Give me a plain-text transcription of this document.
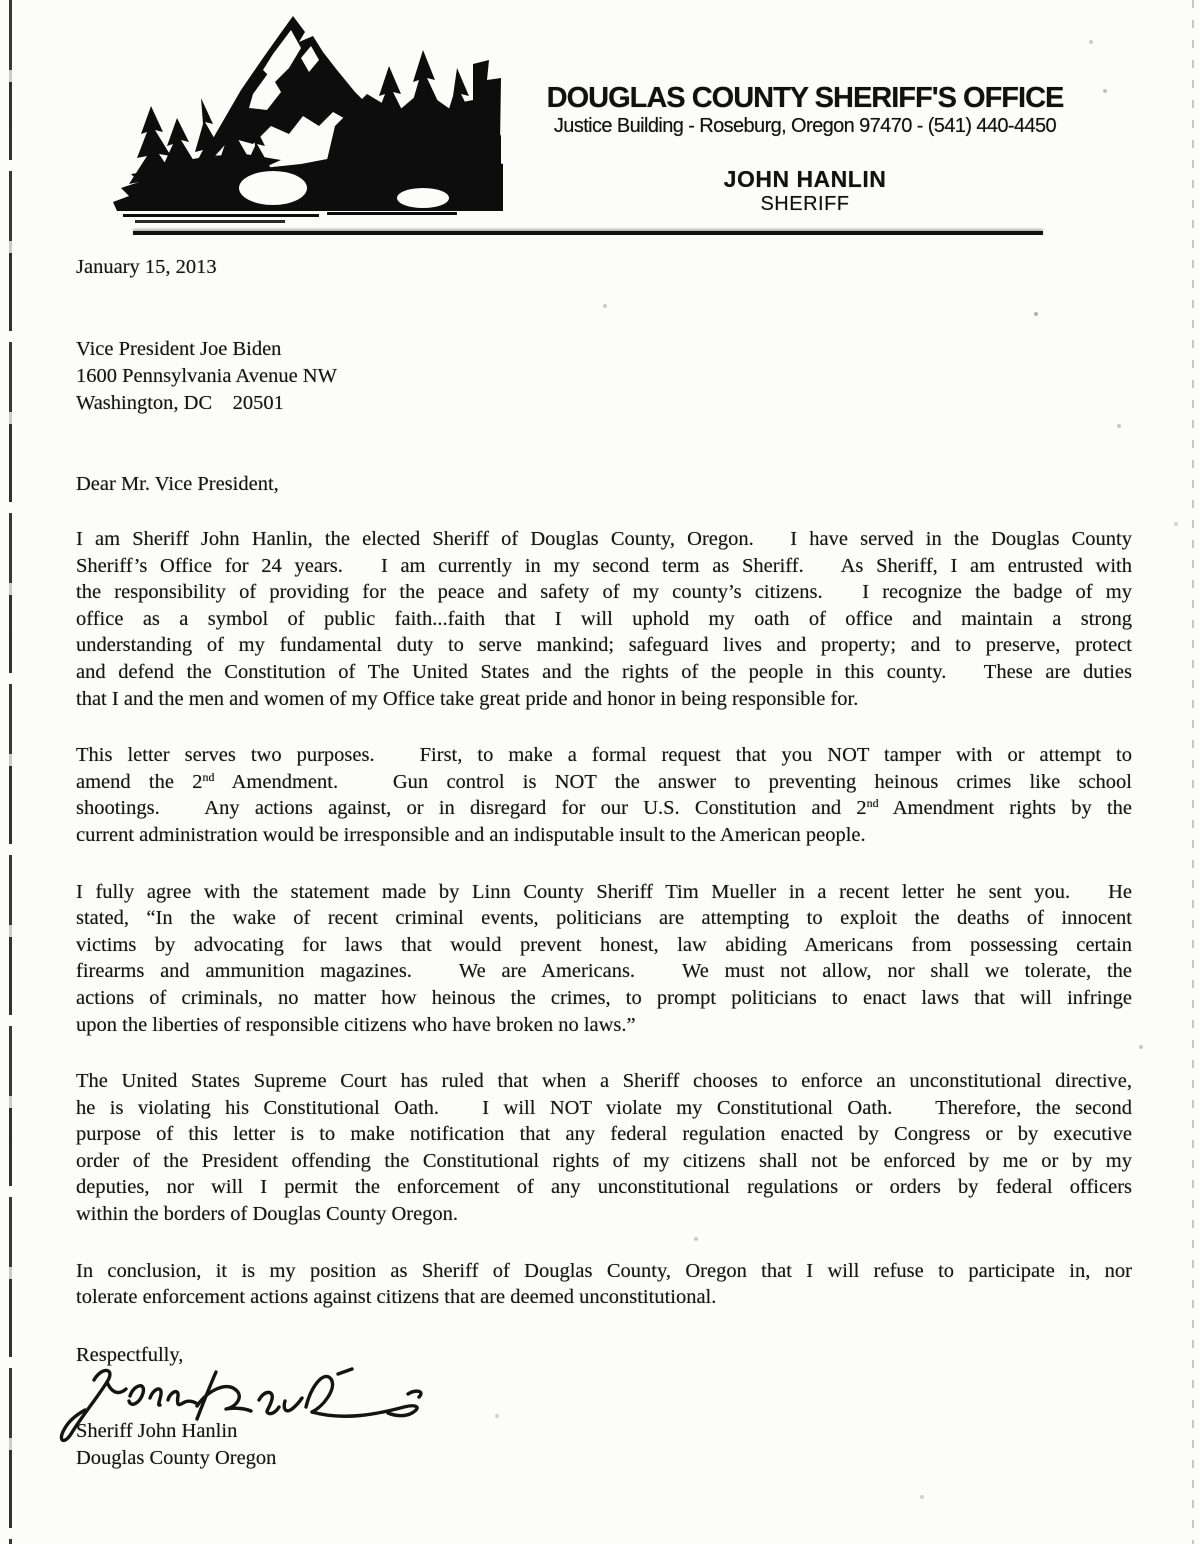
DOUGLAS COUNTY SHERIFF'S OFFICE
Justice Building - Roseburg, Oregon 97470 - (541) 440-4450
JOHN HANLIN
SHERIFF
January 15, 2013
Vice President Joe Biden
1600 Pennsylvania Avenue NW
Washington, DC    20501
Dear Mr. Vice President,
I am Sheriff John Hanlin, the elected Sheriff of Douglas County, Oregon.   I have served in the Douglas County
Sheriff’s Office for 24 years.   I am currently in my second term as Sheriff.   As Sheriff, I am entrusted with
the responsibility of providing for the peace and safety of my county’s citizens.   I recognize the badge of my
office as a symbol of public faith...faith that I will uphold my oath of office and maintain a strong
understanding of my fundamental duty to serve mankind; safeguard lives and property; and to preserve, protect
and defend the Constitution of The United States and the rights of the people in this county.   These are duties
that I and the men and women of my Office take great pride and honor in being responsible for.
This letter serves two purposes.   First, to make a formal request that you NOT tamper with or attempt to
amend the 2nd Amendment.   Gun control is NOT the answer to preventing heinous crimes like school
shootings.   Any actions against, or in disregard for our U.S. Constitution and 2nd Amendment rights by the
current administration would be irresponsible and an indisputable insult to the American people.
I fully agree with the statement made by Linn County Sheriff Tim Mueller in a recent letter he sent you.   He
stated, “In the wake of recent criminal events, politicians are attempting to exploit the deaths of innocent
victims by advocating for laws that would prevent honest, law abiding Americans from possessing certain
firearms and ammunition magazines.   We are Americans.   We must not allow, nor shall we tolerate, the
actions of criminals, no matter how heinous the crimes, to prompt politicians to enact laws that will infringe
upon the liberties of responsible citizens who have broken no laws.”
The United States Supreme Court has ruled that when a Sheriff chooses to enforce an unconstitutional directive,
he is violating his Constitutional Oath.   I will NOT violate my Constitutional Oath.   Therefore, the second
purpose of this letter is to make notification that any federal regulation enacted by Congress or by executive
order of the President offending the Constitutional rights of my citizens shall not be enforced by me or by my
deputies, nor will I permit the enforcement of any unconstitutional regulations or orders by federal officers
within the borders of Douglas County Oregon.
In conclusion, it is my position as Sheriff of Douglas County, Oregon that I will refuse to participate in, nor
tolerate enforcement actions against citizens that are deemed unconstitutional.
Respectfully,
Sheriff John Hanlin
Douglas County Oregon
